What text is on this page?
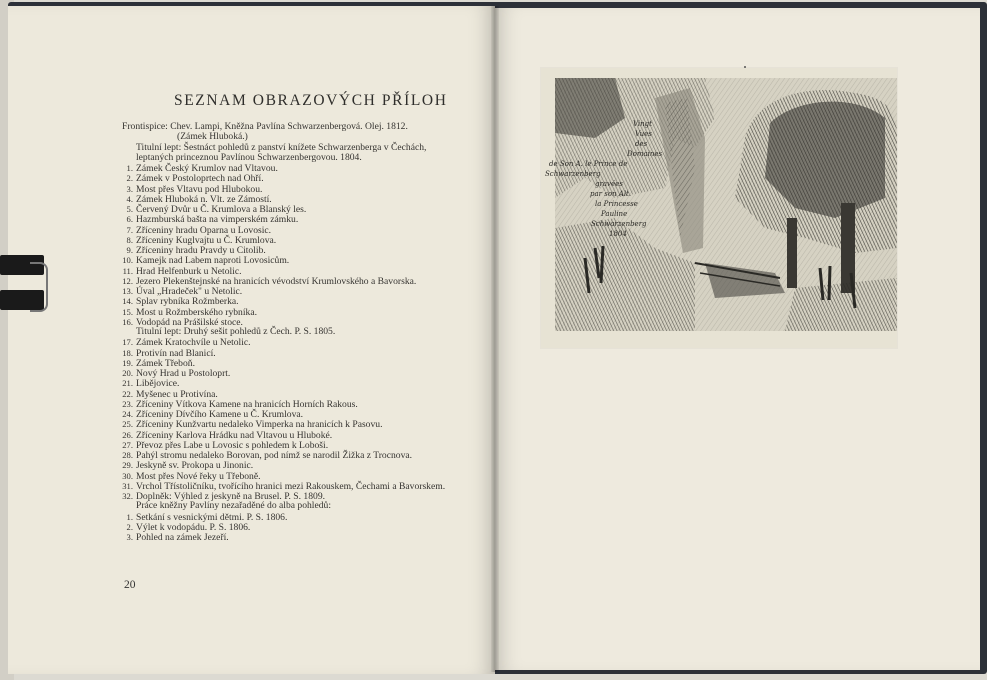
SEZNAM OBRAZOVÝCH PŘÍLOH
Frontispice: Chev. Lampi, Kněžna Pavlína Schwarzenbergová. Olej. 1812.
(Zámek Hluboká.)
Titulní lept: Šestnáct pohledů z panství knížete Schwarzenberga v Čechách,
leptaných princeznou Pavlínou Schwarzenbergovou. 1804.
1. Zámek Český Krumlov nad Vltavou.
2. Zámek v Postoloprtech nad Ohří.
3. Most přes Vltavu pod Hlubokou.
4. Zámek Hluboká n. Vlt. ze Zámostí.
5. Červený Dvůr u Č. Krumlova a Blanský les.
6. Hazmburská bašta na vimperském zámku.
7. Zříceniny hradu Oparna u Lovosic.
8. Zříceniny Kuglvajtu u Č. Krumlova.
9. Zříceniny hradu Pravdy u Citolib.
10. Kamejk nad Labem naproti Lovosicům.
11. Hrad Helfenburk u Netolic.
12. Jezero Plekenštejnské na hranicích vévodství Krumlovského a Bavorska.
13. Úval „Hradeček" u Netolic.
14. Splav rybníka Rožmberka.
15. Most u Rožmberského rybníka.
16. Vodopád na Prášilské stoce.
Titulní lept: Druhý sešit pohledů z Čech. P. S. 1805.
17. Zámek Kratochvíle u Netolic.
18. Protivín nad Blanicí.
19. Zámek Třeboň.
20. Nový Hrad u Postoloprt.
21. Libějovice.
22. Myšenec u Protivína.
23. Zříceniny Vítkova Kamene na hranicích Horních Rakous.
24. Zříceniny Dívčího Kamene u Č. Krumlova.
25. Zříceniny Kunžvartu nedaleko Vimperka na hranicích k Pasovu.
26. Zříceniny Karlova Hrádku nad Vltavou u Hluboké.
27. Převoz přes Labe u Lovosic s pohledem k Loboši.
28. Pahýl stromu nedaleko Borovan, pod nímž se narodil Žižka z Trocnova.
29. Jeskyně sv. Prokopa u Jinonic.
30. Most přes Nové řeky u Třeboně.
31. Vrchol Třístoličníku, tvořícího hranici mezi Rakouskem, Čechami a Bavorskem.
32. Doplněk: Výhled z jeskyně na Brusel. P. S. 1809.
Práce kněžny Pavlíny nezařaděné do alba pohledů:
1. Setkání s vesnickými dětmi. P. S. 1806.
2. Výlet k vodopádu. P. S. 1806.
3. Pohled na zámek Jezeří.
20
Vingt
Vues
des
Domaines
de Son A. le Prince de
Schwarzenberg
gravées
par son Alt.
la Princesse
Pauline
Schwarzenberg
1804
